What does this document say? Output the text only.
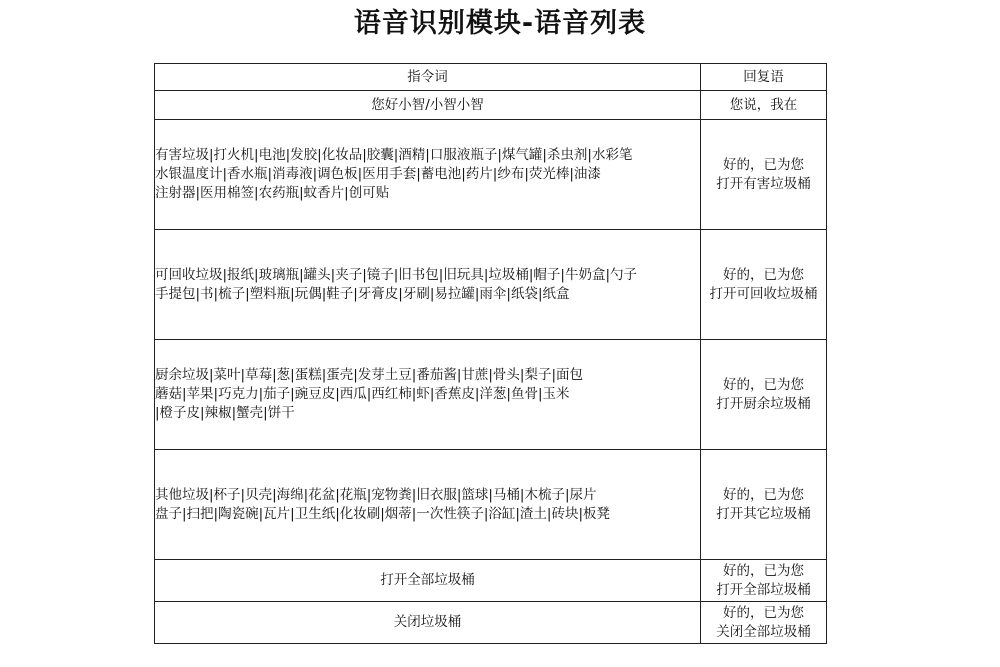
语音识别模块-语音列表
指令词	回复语

您好小智/小智小智	您说，我在

有害垃圾|打火机|电池|发胶|化妆品|胶囊|酒精|口服液瓶子|煤气罐|杀虫剂|水彩笔
水银温度计|香水瓶|消毒液|调色板|医用手套|蓄电池|药片|纱布|荧光棒|油漆
注射器|医用棉签|农药瓶|蚊香片|创可贴	好的，已为您
打开有害垃圾桶

可回收垃圾|报纸|玻璃瓶|罐头|夹子|镜子|旧书包|旧玩具|垃圾桶|帽子|牛奶盒|勺子
手提包|书|梳子|塑料瓶|玩偶|鞋子|牙膏皮|牙刷|易拉罐|雨伞|纸袋|纸盒	好的，已为您
打开可回收垃圾桶

厨余垃圾|菜叶|草莓|葱|蛋糕|蛋壳|发芽土豆|番茄酱|甘蔗|骨头|梨子|面包
蘑菇|苹果|巧克力|茄子|豌豆皮|西瓜|西红柿|虾|香蕉皮|洋葱|鱼骨|玉米
|橙子皮|辣椒|蟹壳|饼干	好的，已为您
打开厨余垃圾桶

其他垃圾|杯子|贝壳|海绵|花盆|花瓶|宠物粪|旧衣服|篮球|马桶|木梳子|尿片
盘子|扫把|陶瓷碗|瓦片|卫生纸|化妆刷|烟蒂|一次性筷子|浴缸|渣土|砖块|板凳	好的，已为您
打开其它垃圾桶

打开全部垃圾桶	好的，已为您
打开全部垃圾桶

关闭垃圾桶	好的，已为您
关闭全部垃圾桶
